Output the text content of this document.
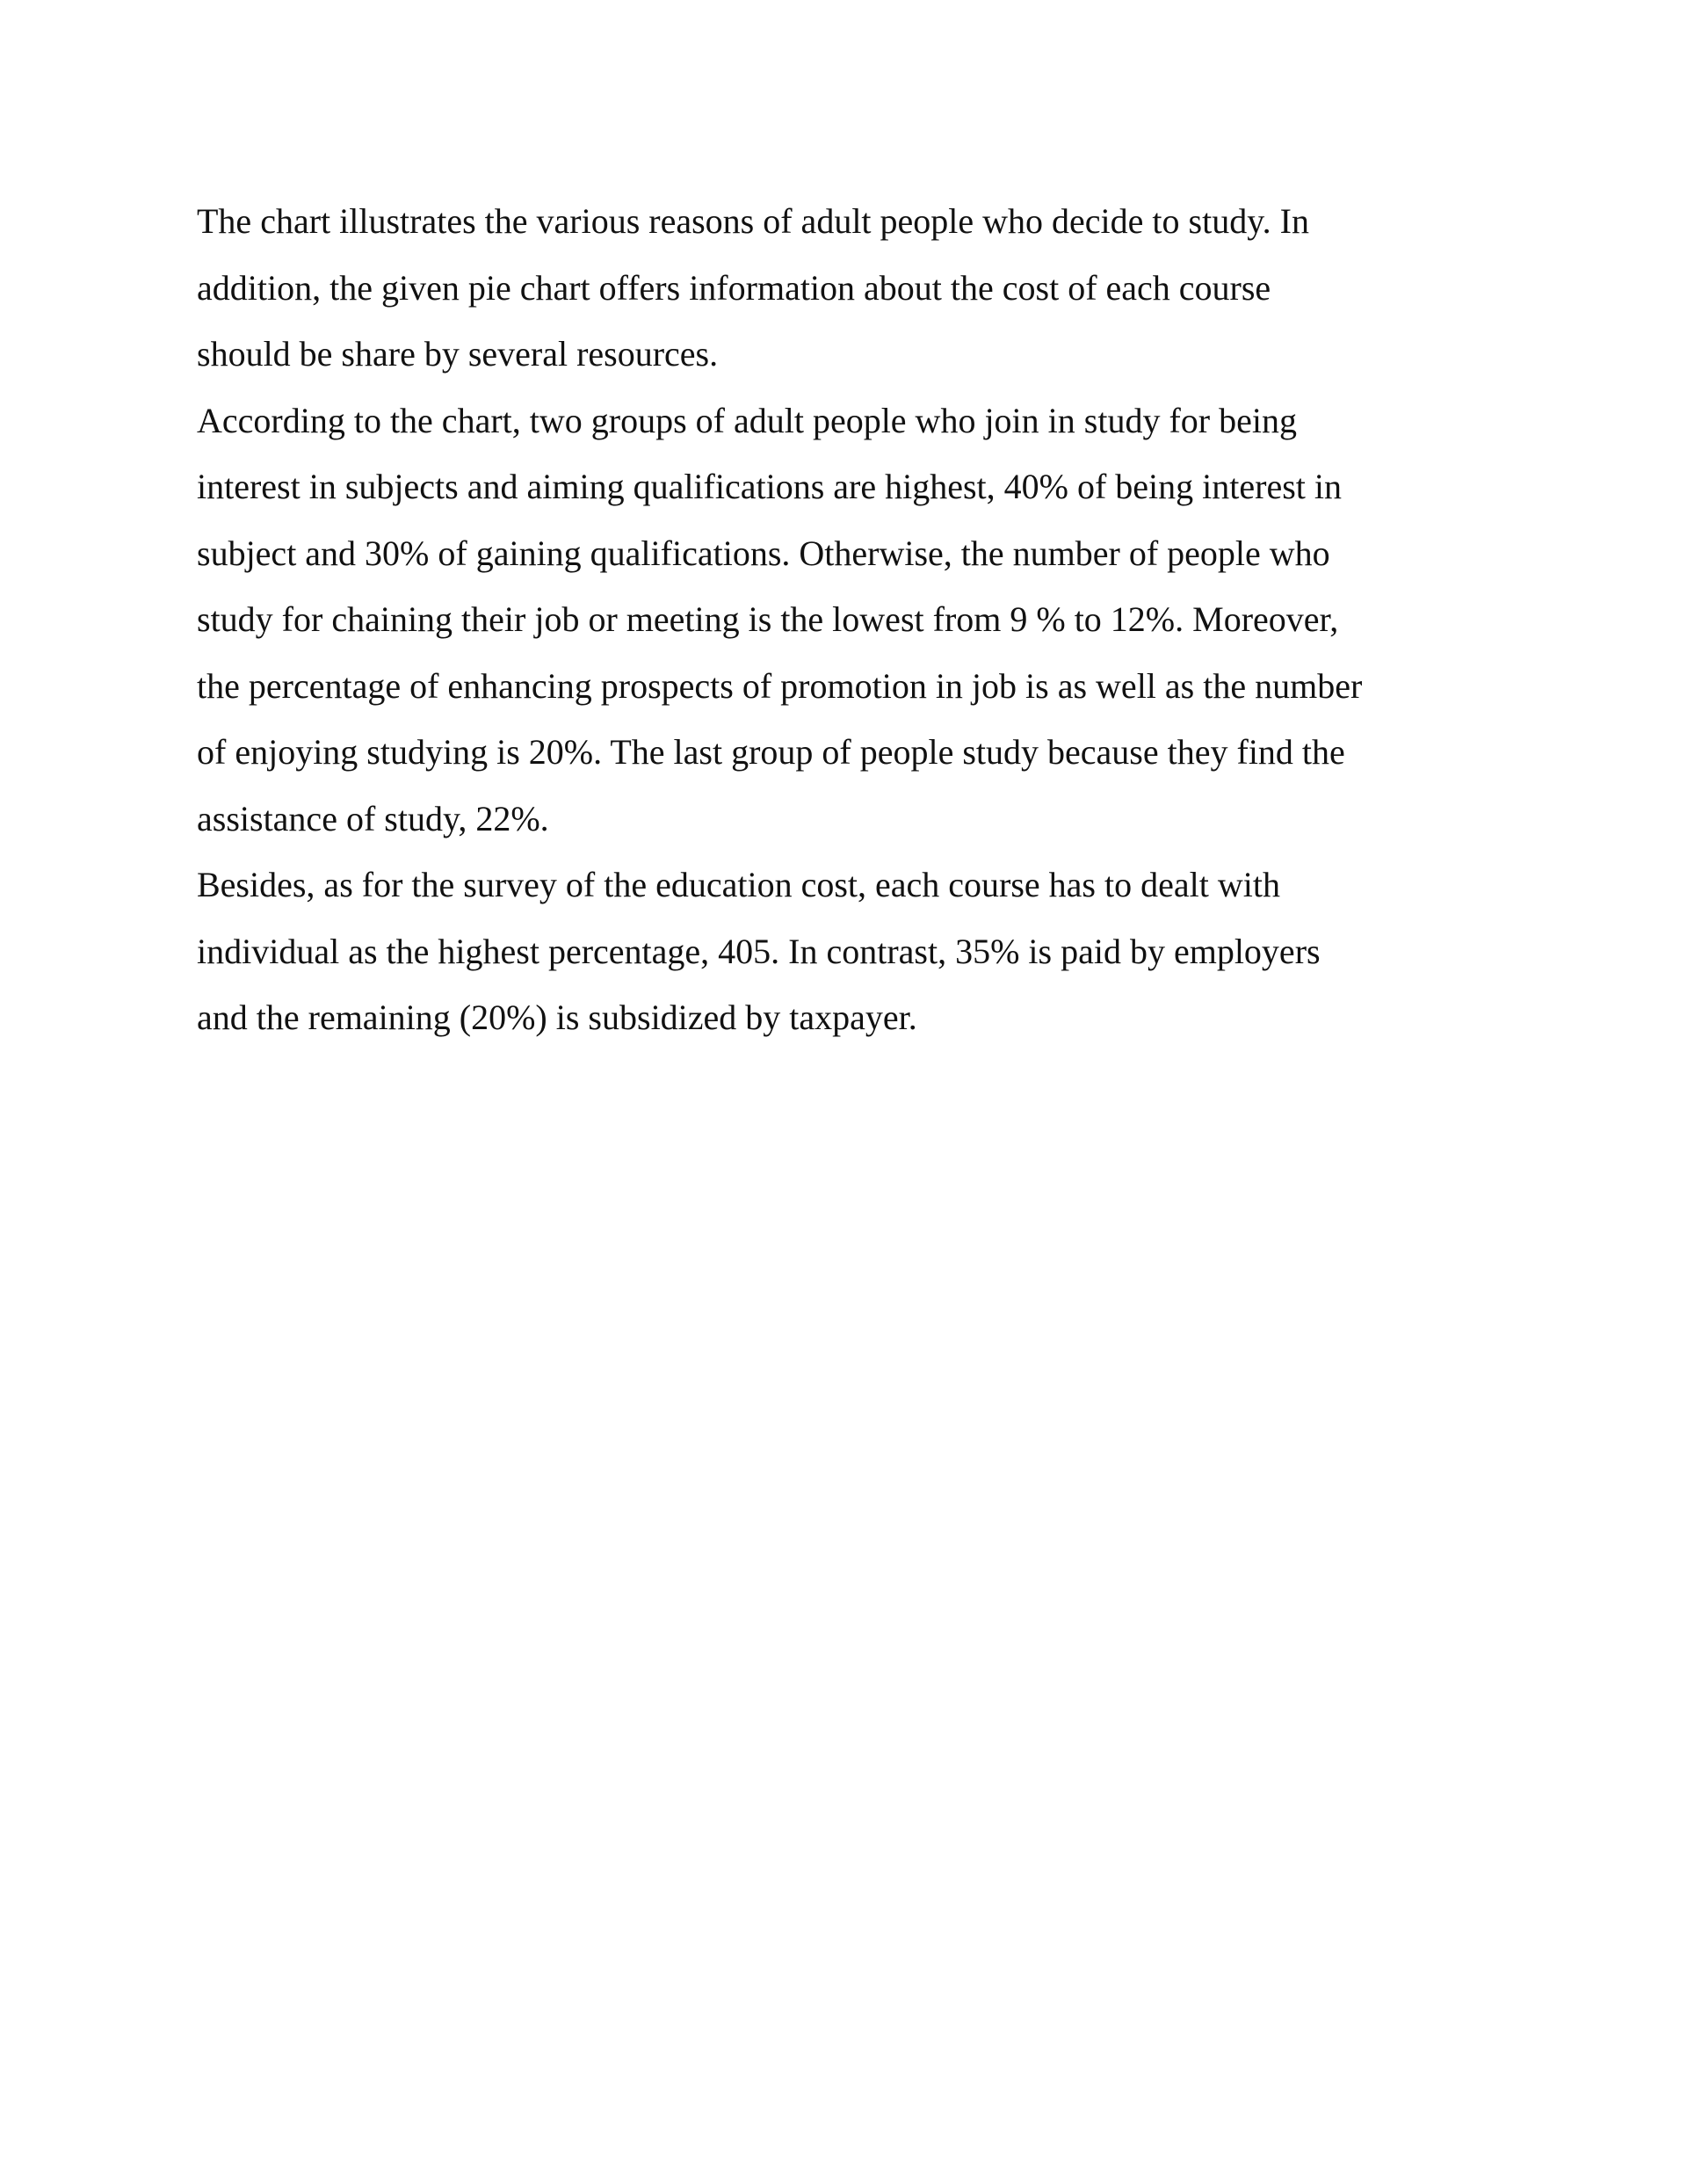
The chart illustrates the various reasons of adult people who decide to study. In
addition, the given pie chart offers information about the cost of each course
should be share by several resources.
According to the chart, two groups of adult people who join in study for being
interest in subjects and aiming qualifications are highest, 40% of being interest in
subject and 30% of gaining qualifications. Otherwise, the number of people who
study for chaining their job or meeting is the lowest from 9 % to 12%. Moreover,
the percentage of enhancing prospects of promotion in job is as well as the number
of enjoying studying is 20%. The last group of people study because they find the
assistance of study, 22%.
Besides, as for the survey of the education cost, each course has to dealt with
individual as the highest percentage, 405. In contrast, 35% is paid by employers
and the remaining (20%) is subsidized by taxpayer.
